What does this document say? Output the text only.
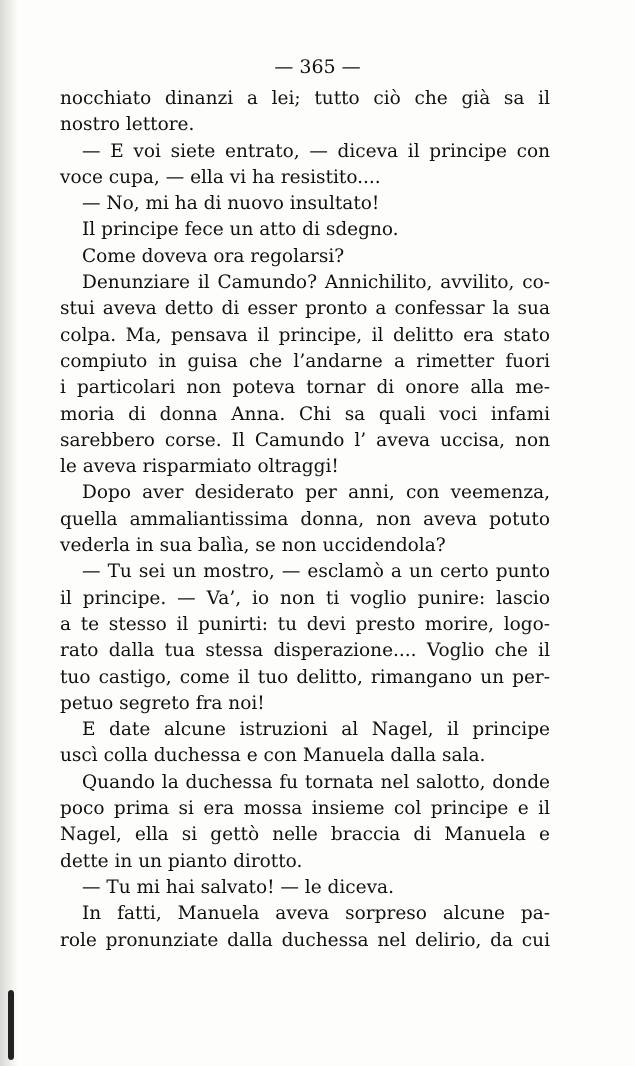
— 365 —
nocchiato dinanzi a lei; tutto ciò che già sa il
nostro lettore.
— E voi siete entrato, — diceva il principe con
voce cupa, — ella vi ha resistito....
— No, mi ha di nuovo insultato!
Il principe fece un atto di sdegno.
Come doveva ora regolarsi?
Denunziare il Camundo? Annichilito, avvilito, co-
stui aveva detto di esser pronto a confessar la sua
colpa. Ma, pensava il principe, il delitto era stato
compiuto in guisa che l’andarne a rimetter fuori
i particolari non poteva tornar di onore alla me-
moria di donna Anna. Chi sa quali voci infami
sarebbero corse. Il Camundo l’ aveva uccisa, non
le aveva risparmiato oltraggi!
Dopo aver desiderato per anni, con veemenza,
quella ammaliantissima donna, non aveva potuto
vederla in sua balìa, se non uccidendola?
— Tu sei un mostro, — esclamò a un certo punto
il principe. — Va’, io non ti voglio punire: lascio
a te stesso il punirti: tu devi presto morire, logo-
rato dalla tua stessa disperazione.... Voglio che il
tuo castigo, come il tuo delitto, rimangano un per-
petuo segreto fra noi!
E date alcune istruzioni al Nagel, il principe
uscì colla duchessa e con Manuela dalla sala.
Quando la duchessa fu tornata nel salotto, donde
poco prima si era mossa insieme col principe e il
Nagel, ella si gettò nelle braccia di Manuela e
dette in un pianto dirotto.
— Tu mi hai salvato! — le diceva.
In fatti, Manuela aveva sorpreso alcune pa-
role pronunziate dalla duchessa nel delirio, da cui
